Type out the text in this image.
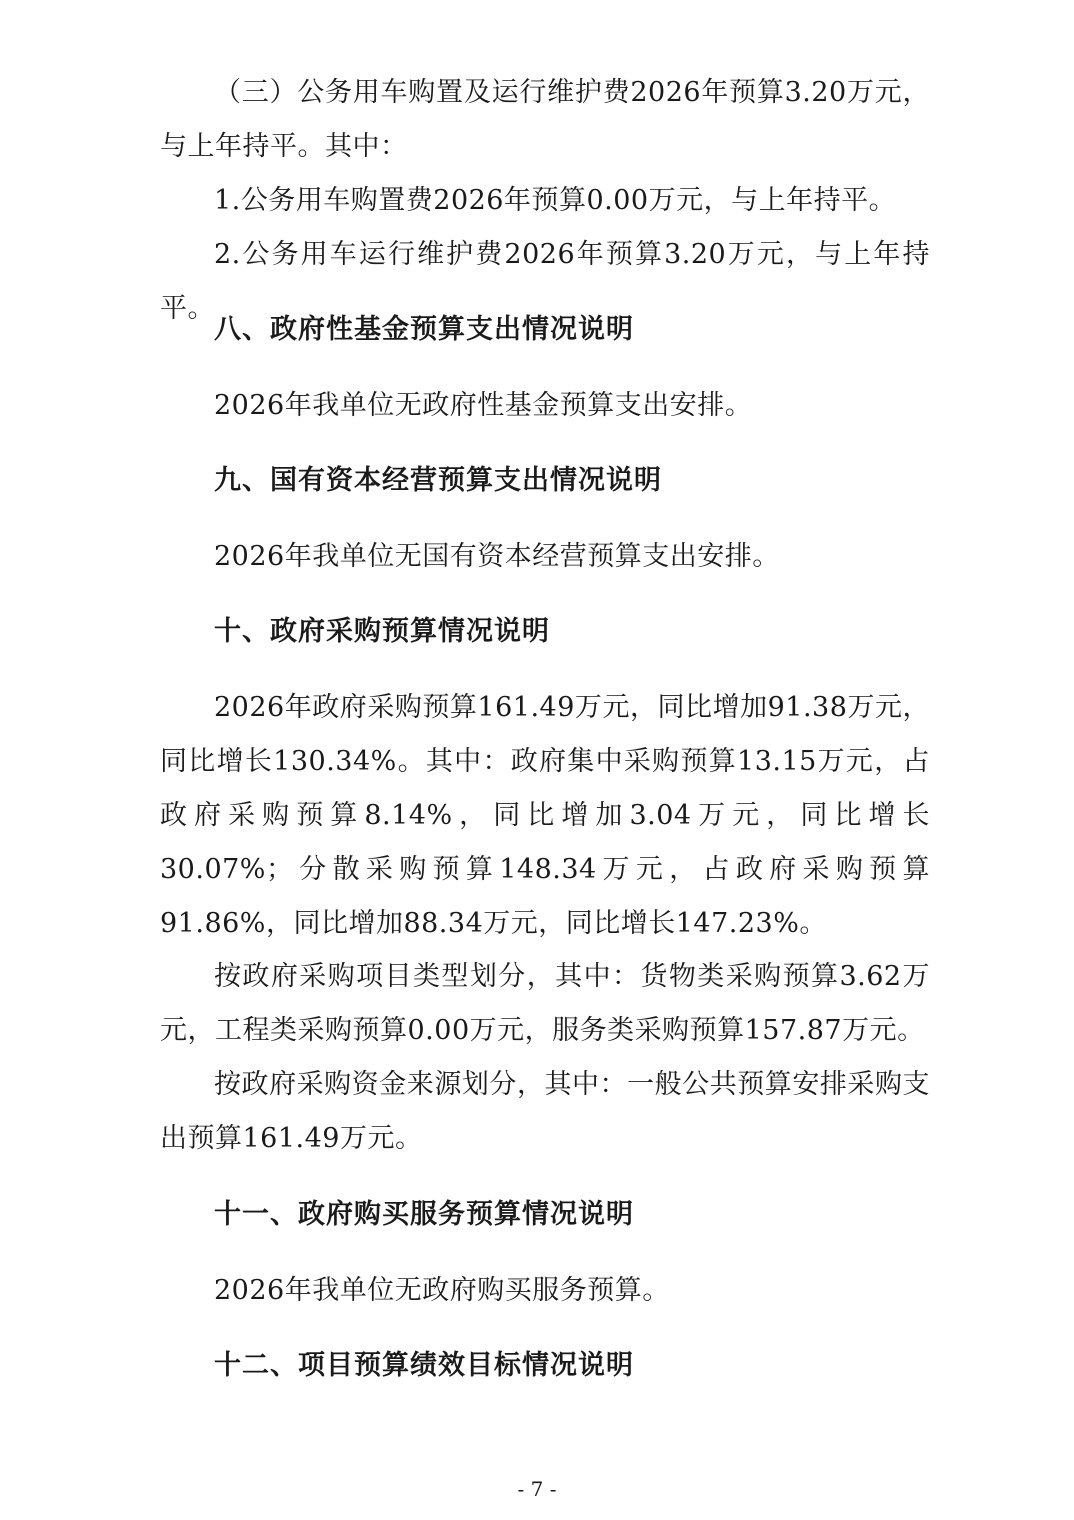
（三）公务用车购置及运行维护费2026年预算3.20万元，与上年持平。其中：

1.公务用车购置费2026年预算0.00万元，与上年持平。

2.公务用车运行维护费2026年预算3.20万元，与上年持平。

八、政府性基金预算支出情况说明

2026年我单位无政府性基金预算支出安排。

九、国有资本经营预算支出情况说明

2026年我单位无国有资本经营预算支出安排。

十、政府采购预算情况说明

2026年政府采购预算161.49万元，同比增加91.38万元，同比增长130.34%。其中：政府集中采购预算13.15万元，占政府采购预算8.14%，同比增加3.04万元，同比增长30.07%；分散采购预算148.34万元，占政府采购预算91.86%，同比增加88.34万元，同比增长147.23%。

按政府采购项目类型划分，其中：货物类采购预算3.62万元，工程类采购预算0.00万元，服务类采购预算157.87万元。

按政府采购资金来源划分，其中：一般公共预算安排采购支出预算161.49万元。

十一、政府购买服务预算情况说明

2026年我单位无政府购买服务预算。

十二、项目预算绩效目标情况说明
- 7 -
